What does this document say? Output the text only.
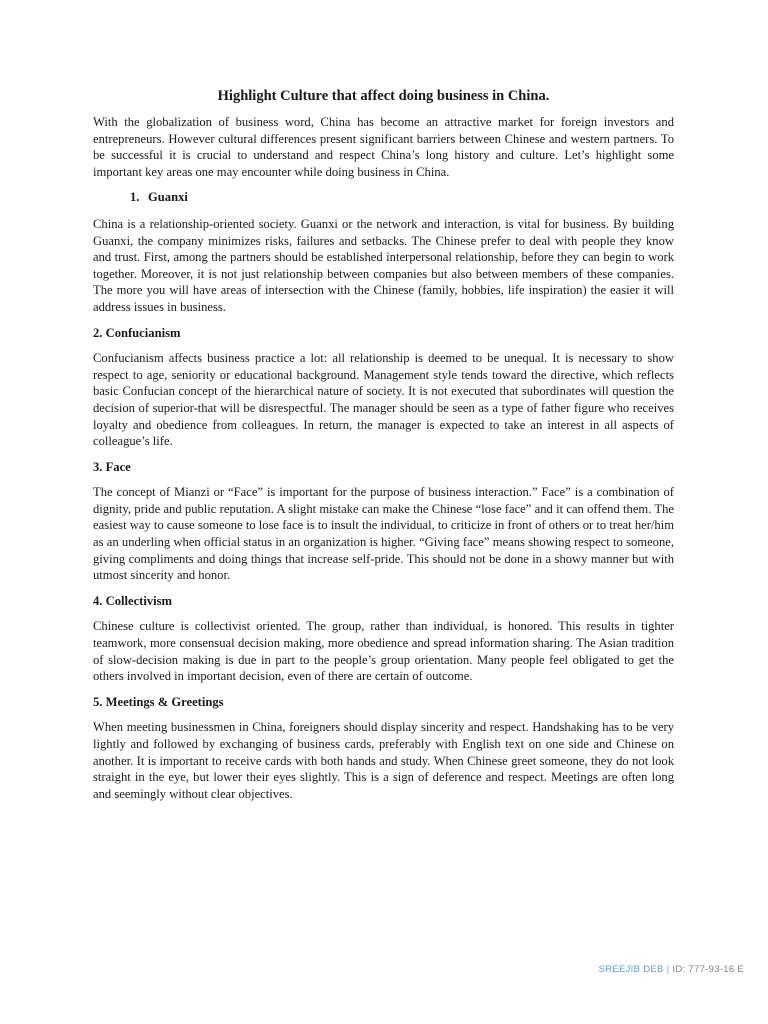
Highlight Culture that affect doing business in China.

With the globalization of business word, China has become an attractive market for foreign investors and entrepreneurs. However cultural differences present significant barriers between Chinese and western partners. To be successful it is crucial to understand and respect China’s long history and culture. Let’s highlight some important key areas one may encounter while doing business in China.

1. Guanxi

China is a relationship-oriented society. Guanxi or the network and interaction, is vital for business. By building Guanxi, the company minimizes risks, failures and setbacks. The Chinese prefer to deal with people they know and trust. First, among the partners should be established interpersonal relationship, before they can begin to work together. Moreover, it is not just relationship between companies but also between members of these companies. The more you will have areas of intersection with the Chinese (family, hobbies, life inspiration) the easier it will address issues in business.

2. Confucianism

Confucianism affects business practice a lot: all relationship is deemed to be unequal. It is necessary to show respect to age, seniority or educational background. Management style tends toward the directive, which reflects basic Confucian concept of the hierarchical nature of society. It is not executed that subordinates will question the decision of superior-that will be disrespectful. The manager should be seen as a type of father figure who receives loyalty and obedience from colleagues. In return, the manager is expected to take an interest in all aspects of colleague’s life.

3. Face

The concept of Mianzi or “Face” is important for the purpose of business interaction.” Face” is a combination of dignity, pride and public reputation. A slight mistake can make the Chinese “lose face” and it can offend them. The easiest way to cause someone to lose face is to insult the individual, to criticize in front of others or to treat her/him as an underling when official status in an organization is higher. “Giving face” means showing respect to someone, giving compliments and doing things that increase self-pride. This should not be done in a showy manner but with utmost sincerity and honor.

4. Collectivism

Chinese culture is collectivist oriented. The group, rather than individual, is honored. This results in tighter teamwork, more consensual decision making, more obedience and spread information sharing. The Asian tradition of slow-decision making is due in part to the people’s group orientation. Many people feel obligated to get the others involved in important decision, even of there are certain of outcome.

5. Meetings & Greetings

When meeting businessmen in China, foreigners should display sincerity and respect. Handshaking has to be very lightly and followed by exchanging of business cards, preferably with English text on one side and Chinese on another. It is important to receive cards with both hands and study. When Chinese greet someone, they do not look straight in the eye, but lower their eyes slightly. This is a sign of deference and respect. Meetings are often long and seemingly without clear objectives.

SREEJIB DEB | ID: 777-93-16 E
